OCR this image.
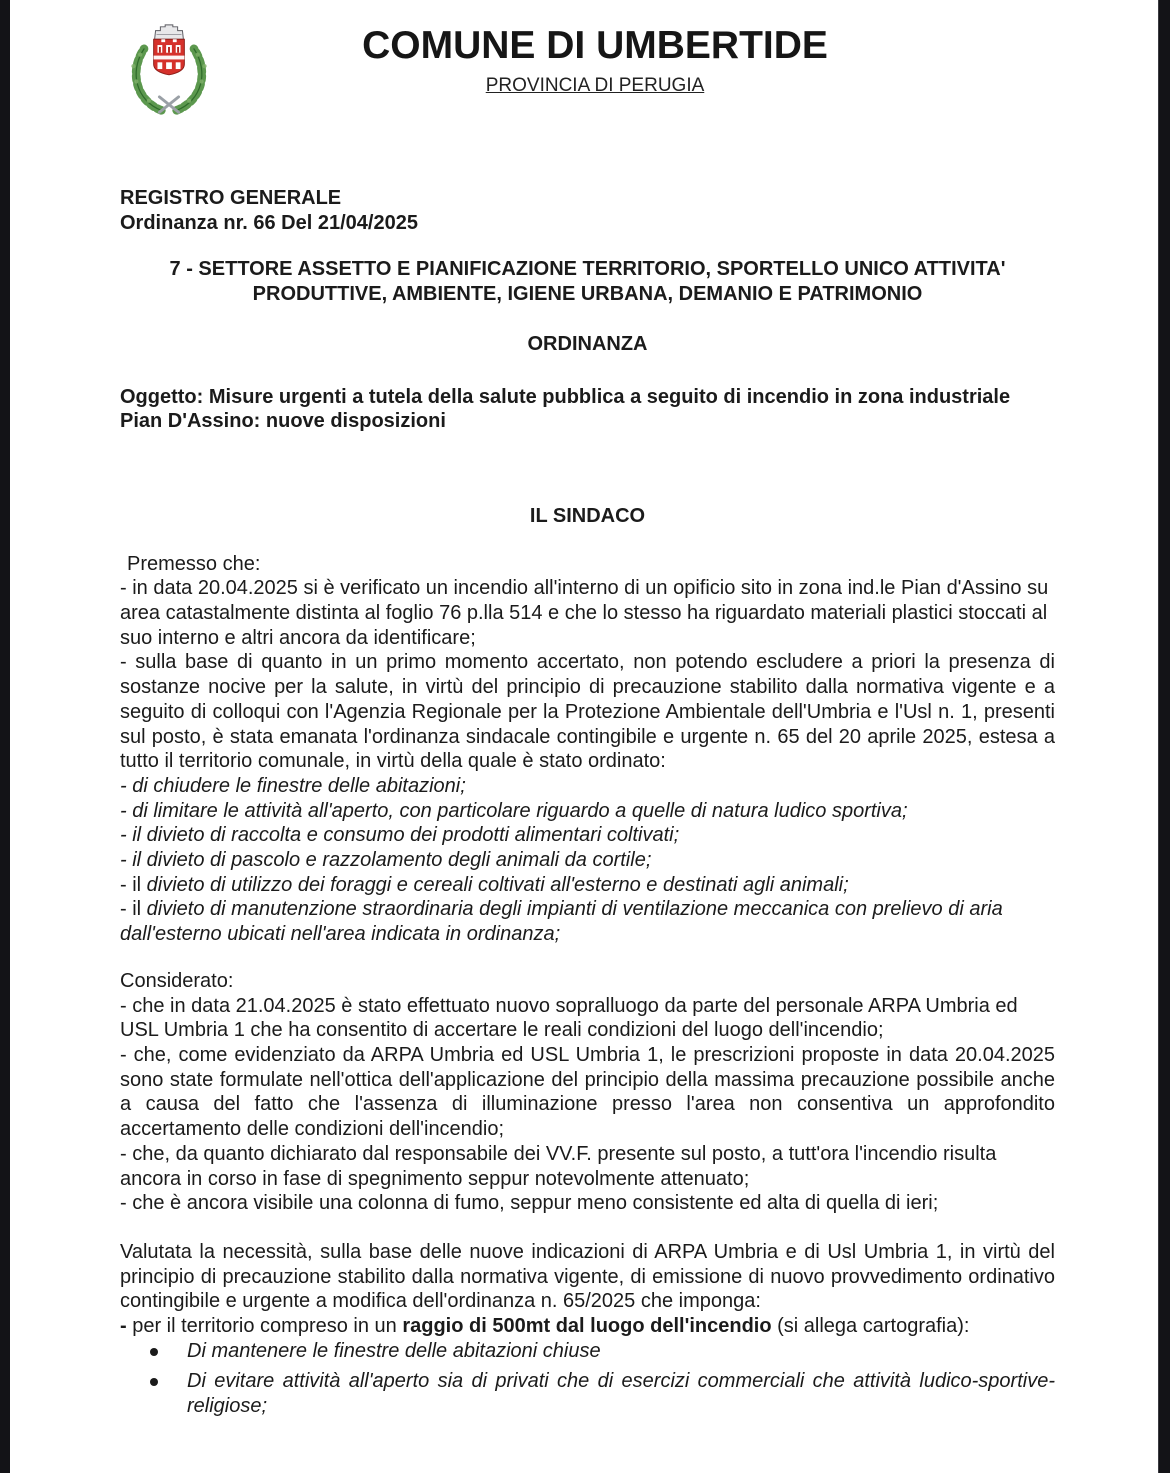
COMUNE DI UMBERTIDE
PROVINCIA DI PERUGIA
REGISTRO GENERALE
Ordinanza nr. 66 Del 21/04/2025
7 - SETTORE ASSETTO E PIANIFICAZIONE TERRITORIO, SPORTELLO UNICO ATTIVITA' PRODUTTIVE, AMBIENTE, IGIENE URBANA, DEMANIO E PATRIMONIO
ORDINANZA
Oggetto: Misure urgenti a tutela della salute pubblica a seguito di incendio in zona industriale Pian D'Assino: nuove disposizioni
IL SINDACO
Premesso che:

- in data 20.04.2025 si è verificato un incendio all'interno di un opificio sito in zona ind.le Pian d'Assino su area catastalmente distinta al foglio 76 p.lla 514 e che lo stesso ha riguardato materiali plastici stoccati al suo interno e altri ancora da identificare;

- sulla base di quanto in un primo momento accertato, non potendo escludere a priori la presenza di sostanze nocive per la salute, in virtù del principio di precauzione stabilito dalla normativa vigente e a seguito di colloqui con l'Agenzia Regionale per la Protezione Ambientale dell'Umbria e l'Usl n. 1, presenti sul posto, è stata emanata l'ordinanza sindacale contingibile e urgente n. 65 del 20 aprile 2025, estesa a tutto il territorio comunale, in virtù della quale è stato ordinato:

- di chiudere le finestre delle abitazioni;

- di limitare le attività all'aperto, con particolare riguardo a quelle di natura ludico sportiva;

- il divieto di raccolta e consumo dei prodotti alimentari coltivati;

- il divieto di pascolo e razzolamento degli animali da cortile;

- il divieto di utilizzo dei foraggi e cereali coltivati all'esterno e destinati agli animali;

- il divieto di manutenzione straordinaria degli impianti di ventilazione meccanica con prelievo di aria dall'esterno ubicati nell'area indicata in ordinanza;

Considerato:

- che in data 21.04.2025 è stato effettuato nuovo sopralluogo da parte del personale ARPA Umbria ed USL Umbria 1 che ha consentito di accertare le reali condizioni del luogo dell'incendio;

- che, come evidenziato da ARPA Umbria ed USL Umbria 1, le prescrizioni proposte in data 20.04.2025 sono state formulate nell'ottica dell'applicazione del principio della massima precauzione possibile anche a causa del fatto che l'assenza di illuminazione presso l'area non consentiva un approfondito accertamento delle condizioni dell'incendio;

- che, da quanto dichiarato dal responsabile dei VV.F. presente sul posto, a tutt'ora l'incendio risulta ancora in corso in fase di spegnimento seppur notevolmente attenuato;

- che è ancora visibile una colonna di fumo, seppur meno consistente ed alta di quella di ieri;

Valutata la necessità, sulla base delle nuove indicazioni di ARPA Umbria e di Usl Umbria 1, in virtù del principio di precauzione stabilito dalla normativa vigente, di emissione di nuovo provvedimento ordinativo contingibile e urgente a modifica dell'ordinanza n. 65/2025 che imponga:

- per il territorio compreso in un raggio di 500mt dal luogo dell'incendio (si allega cartografia):

Di mantenere le finestre delle abitazioni chiuse
Di evitare attività all'aperto sia di privati che di esercizi commerciali che attività ludico-sportive-religiose;
